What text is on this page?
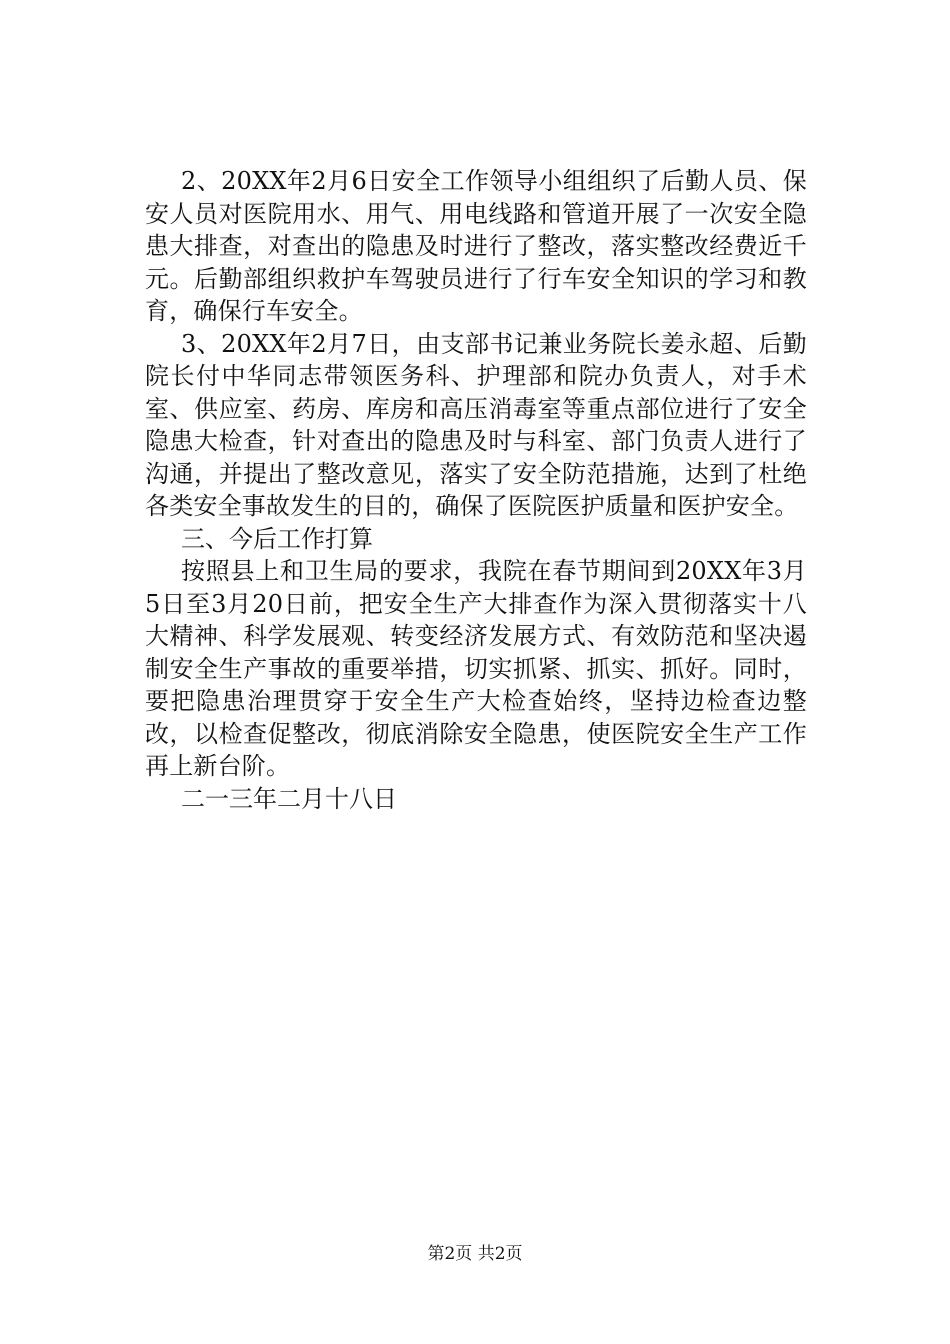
2、20XX年2月6日安全工作领导小组组织了后勤人员、保安人员对医院用水、用气、用电线路和管道开展了一次安全隐患大排查，对查出的隐患及时进行了整改，落实整改经费近千元。后勤部组织救护车驾驶员进行了行车安全知识的学习和教育，确保行车安全。

3、20XX年2月7日，由支部书记兼业务院长姜永超、后勤院长付中华同志带领医务科、护理部和院办负责人，对手术室、供应室、药房、库房和高压消毒室等重点部位进行了安全隐患大检查，针对查出的隐患及时与科室、部门负责人进行了沟通，并提出了整改意见，落实了安全防范措施，达到了杜绝各类安全事故发生的目的，确保了医院医护质量和医护安全。

三、今后工作打算

按照县上和卫生局的要求，我院在春节期间到20XX年3月5日至3月20日前，把安全生产大排查作为深入贯彻落实十八大精神、科学发展观、转变经济发展方式、有效防范和坚决遏制安全生产事故的重要举措，切实抓紧、抓实、抓好。同时，要把隐患治理贯穿于安全生产大检查始终，坚持边检查边整改，以检查促整改，彻底消除安全隐患，使医院安全生产工作再上新台阶。

二一三年二月十八日

第2页 共2页
